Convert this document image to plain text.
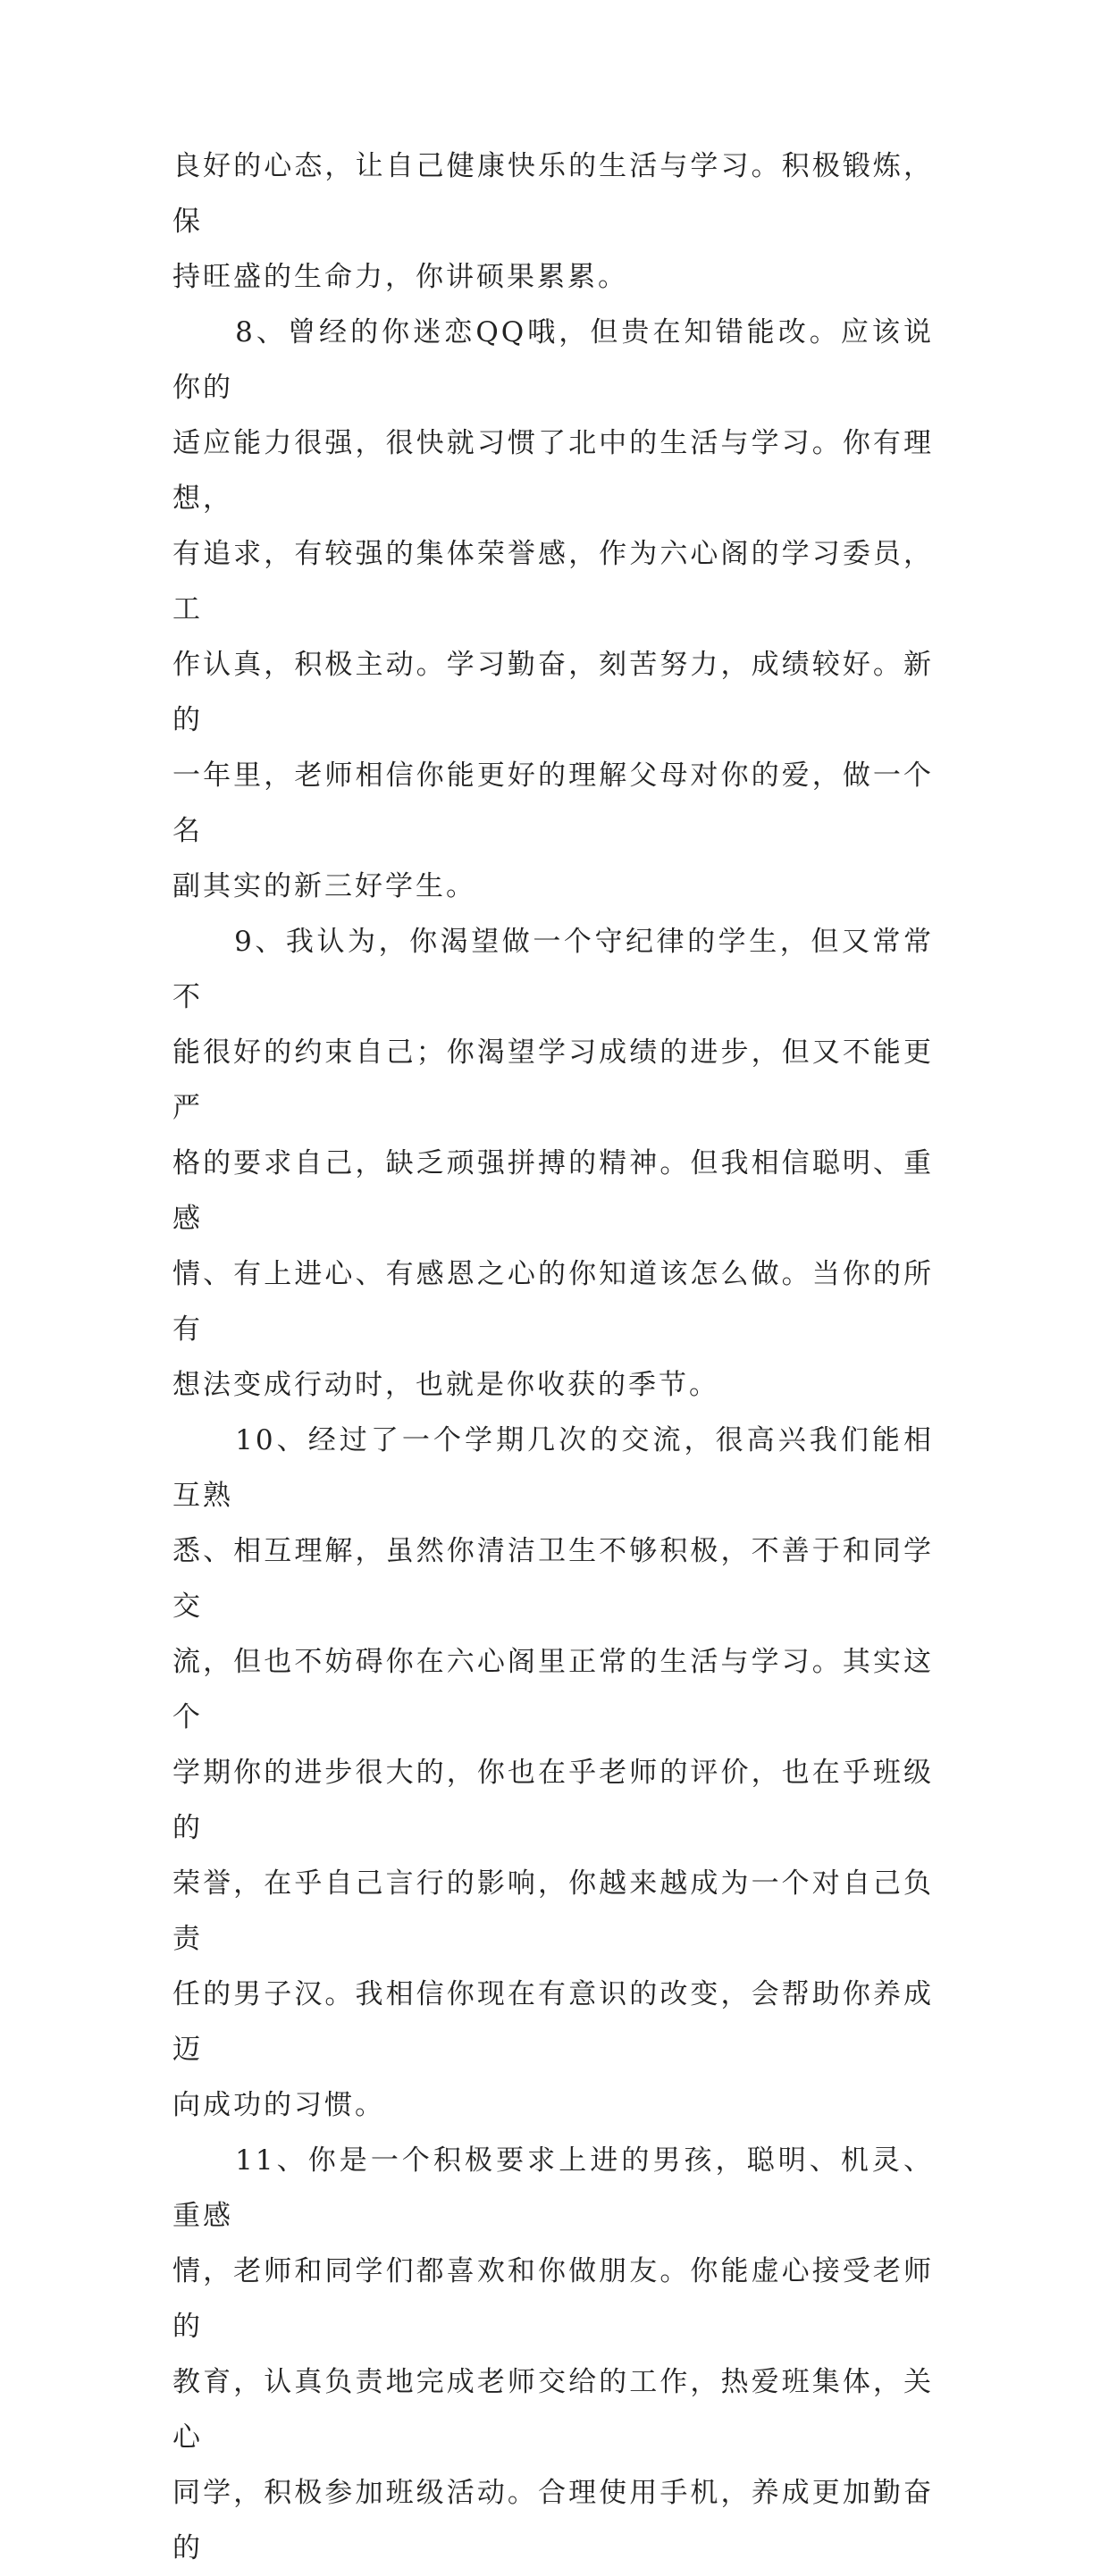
良好的心态，让自己健康快乐的生活与学习。积极锻炼，保
持旺盛的生命力，你讲硕果累累。

　　8、曾经的你迷恋QQ哦，但贵在知错能改。应该说你的
适应能力很强，很快就习惯了北中的生活与学习。你有理想，
有追求，有较强的集体荣誉感，作为六心阁的学习委员，工
作认真，积极主动。学习勤奋，刻苦努力，成绩较好。新的
一年里，老师相信你能更好的理解父母对你的爱，做一个名
副其实的新三好学生。

　　9、我认为，你渴望做一个守纪律的学生，但又常常不
能很好的约束自己；你渴望学习成绩的进步，但又不能更严
格的要求自己，缺乏顽强拼搏的精神。但我相信聪明、重感
情、有上进心、有感恩之心的你知道该怎么做。当你的所有
想法变成行动时，也就是你收获的季节。

　　10、经过了一个学期几次的交流，很高兴我们能相互熟
悉、相互理解，虽然你清洁卫生不够积极，不善于和同学交
流，但也不妨碍你在六心阁里正常的生活与学习。其实这个
学期你的进步很大的，你也在乎老师的评价，也在乎班级的
荣誉，在乎自己言行的影响，你越来越成为一个对自己负责
任的男子汉。我相信你现在有意识的改变，会帮助你养成迈
向成功的习惯。

　　11、你是一个积极要求上进的男孩，聪明、机灵、重感
情，老师和同学们都喜欢和你做朋友。你能虚心接受老师的
教育，认真负责地完成老师交给的工作，热爱班集体，关心
同学，积极参加班级活动。合理使用手机，养成更加勤奋的
